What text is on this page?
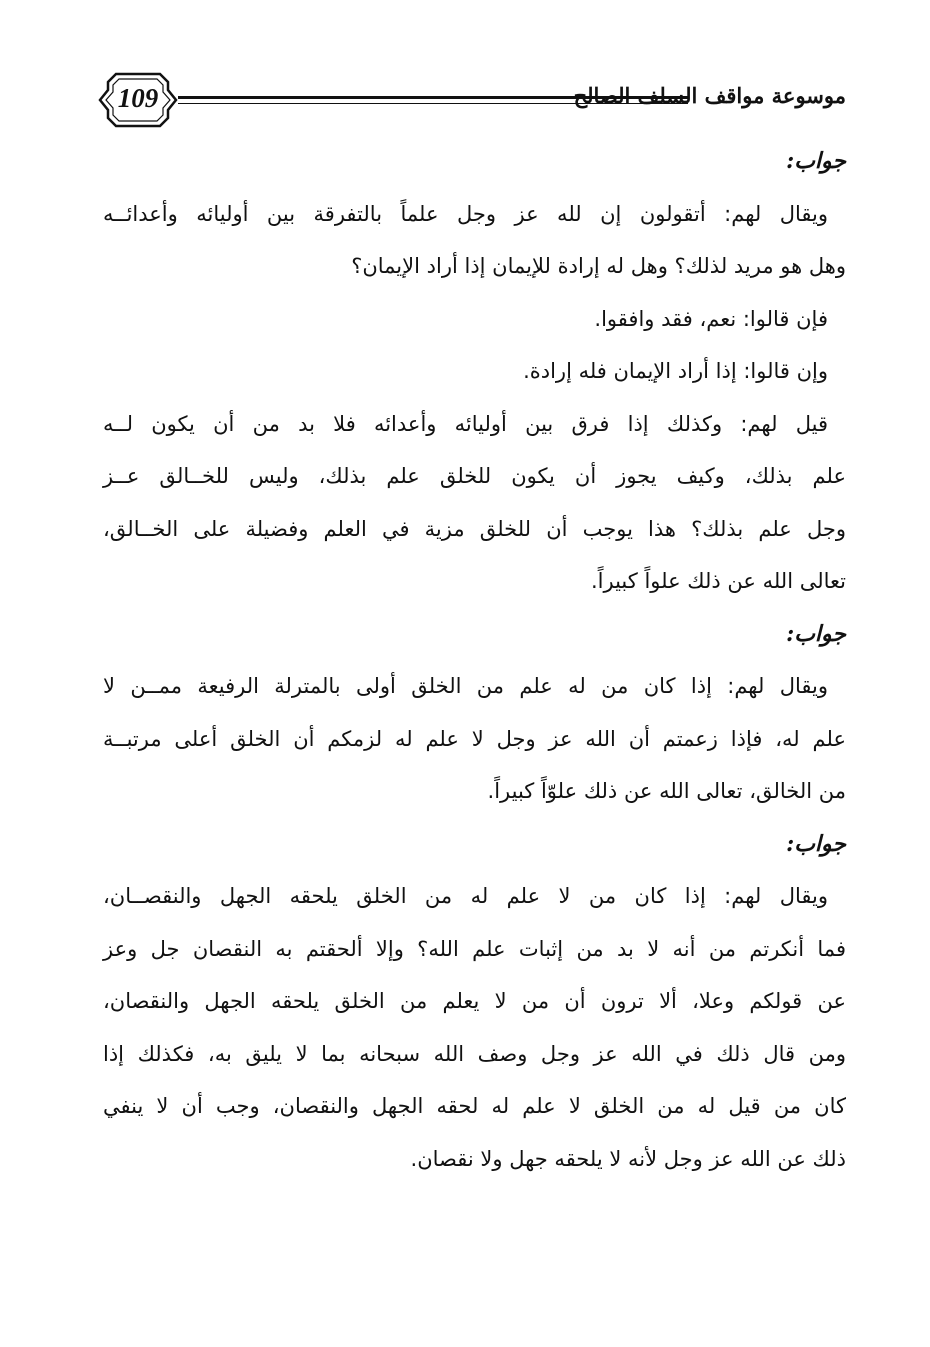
109	موسوعة مواقف السلف الصالح
جواب:
ويقال لهم: أتقولون إن لله عز وجل علماً بالتفرقة بين أوليائه وأعدائــه
وهل هو مريد لذلك؟ وهل له إرادة للإيمان إذا أراد الإيمان؟
فإن قالوا: نعم، فقد وافقوا.
وإن قالوا: إذا أراد الإيمان فله إرادة.
قيل لهم: وكذلك إذا فرق بين أوليائه وأعدائه فلا بد من أن يكون لــه
علم بذلك، وكيف يجوز أن يكون للخلق علم بذلك، وليس للخــالق عــز
وجل علم بذلك؟ هذا يوجب أن للخلق مزية في العلم وفضيلة على الخــالق،
تعالى الله عن ذلك علواً كبيراً.
جواب:
ويقال لهم: إذا كان من له علم من الخلق أولى بالمترلة الرفيعة ممــن لا
علم له، فإذا زعمتم أن الله عز وجل لا علم له لزمكم أن الخلق أعلى مرتبــة
من الخالق، تعالى الله عن ذلك علوّاً كبيراً.
جواب:
ويقال لهم: إذا كان من لا علم له من الخلق يلحقه الجهل والنقصــان،
فما أنكرتم من أنه لا بد من إثبات علم الله؟ وإلا ألحقتم به النقصان جل وعز
عن قولكم وعلا، ألا ترون أن من لا يعلم من الخلق يلحقه الجهل والنقصان،
ومن قال ذلك في الله عز وجل وصف الله سبحانه بما لا يليق به، فكذلك إذا
كان من قيل له من الخلق لا علم له لحقه الجهل والنقصان، وجب أن لا ينفي
ذلك عن الله عز وجل لأنه لا يلحقه جهل ولا نقصان.
